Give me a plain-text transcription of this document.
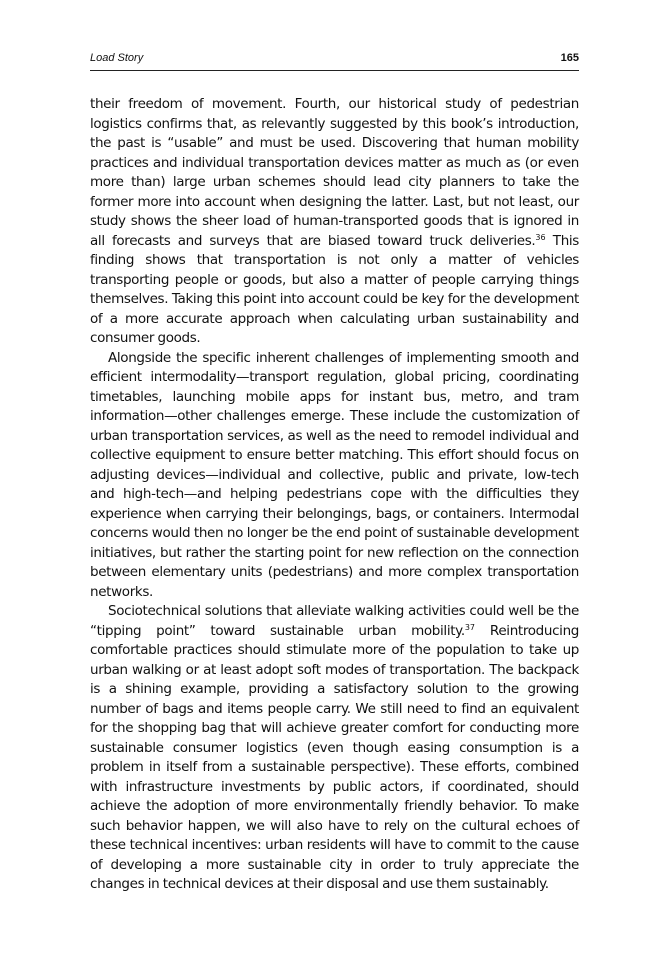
Load Story	165

their freedom of movement. Fourth, our historical study of pedestrian logistics confirms that, as relevantly suggested by this book’s introduction, the past is “usable” and must be used. Discovering that human mobility practices and individual transportation devices matter as much as (or even more than) large urban schemes should lead city planners to take the former more into account when designing the latter. Last, but not least, our study shows the sheer load of human-transported goods that is ignored in all forecasts and surveys that are biased toward truck deliveries.$^{36}$ This finding shows that transportation is not only a matter of vehicles transporting people or goods, but also a matter of people carrying things themselves. Taking this point into account could be key for the development of a more accurate approach when calculating urban sustainability and consumer goods.

Alongside the specific inherent challenges of implementing smooth and efficient intermodality—transport regulation, global pricing, coordinating timetables, launching mobile apps for instant bus, metro, and tram information—other challenges emerge. These include the customization of urban transportation services, as well as the need to remodel individual and collective equipment to ensure better matching. This effort should focus on adjusting devices—individual and collective, public and private, low-tech and high-tech—and helping pedestrians cope with the difficulties they experience when carrying their belongings, bags, or containers. Intermodal concerns would then no longer be the end point of sustainable development initiatives, but rather the starting point for new reflection on the connection between elementary units (pedestrians) and more complex transportation networks.

Sociotechnical solutions that alleviate walking activities could well be the “tipping point” toward sustainable urban mobility.$^{37}$ Reintroducing comfortable practices should stimulate more of the population to take up urban walking or at least adopt soft modes of transportation. The backpack is a shining example, providing a satisfactory solution to the growing number of bags and items people carry. We still need to find an equivalent for the shopping bag that will achieve greater comfort for conducting more sustainable consumer logistics (even though easing consumption is a problem in itself from a sustainable perspective). These efforts, combined with infrastructure investments by public actors, if coordinated, should achieve the adoption of more environmentally friendly behavior. To make such behavior happen, we will also have to rely on the cultural echoes of these technical incentives: urban residents will have to commit to the cause of developing a more sustainable city in order to truly appreciate the changes in technical devices at their disposal and use them sustainably.
